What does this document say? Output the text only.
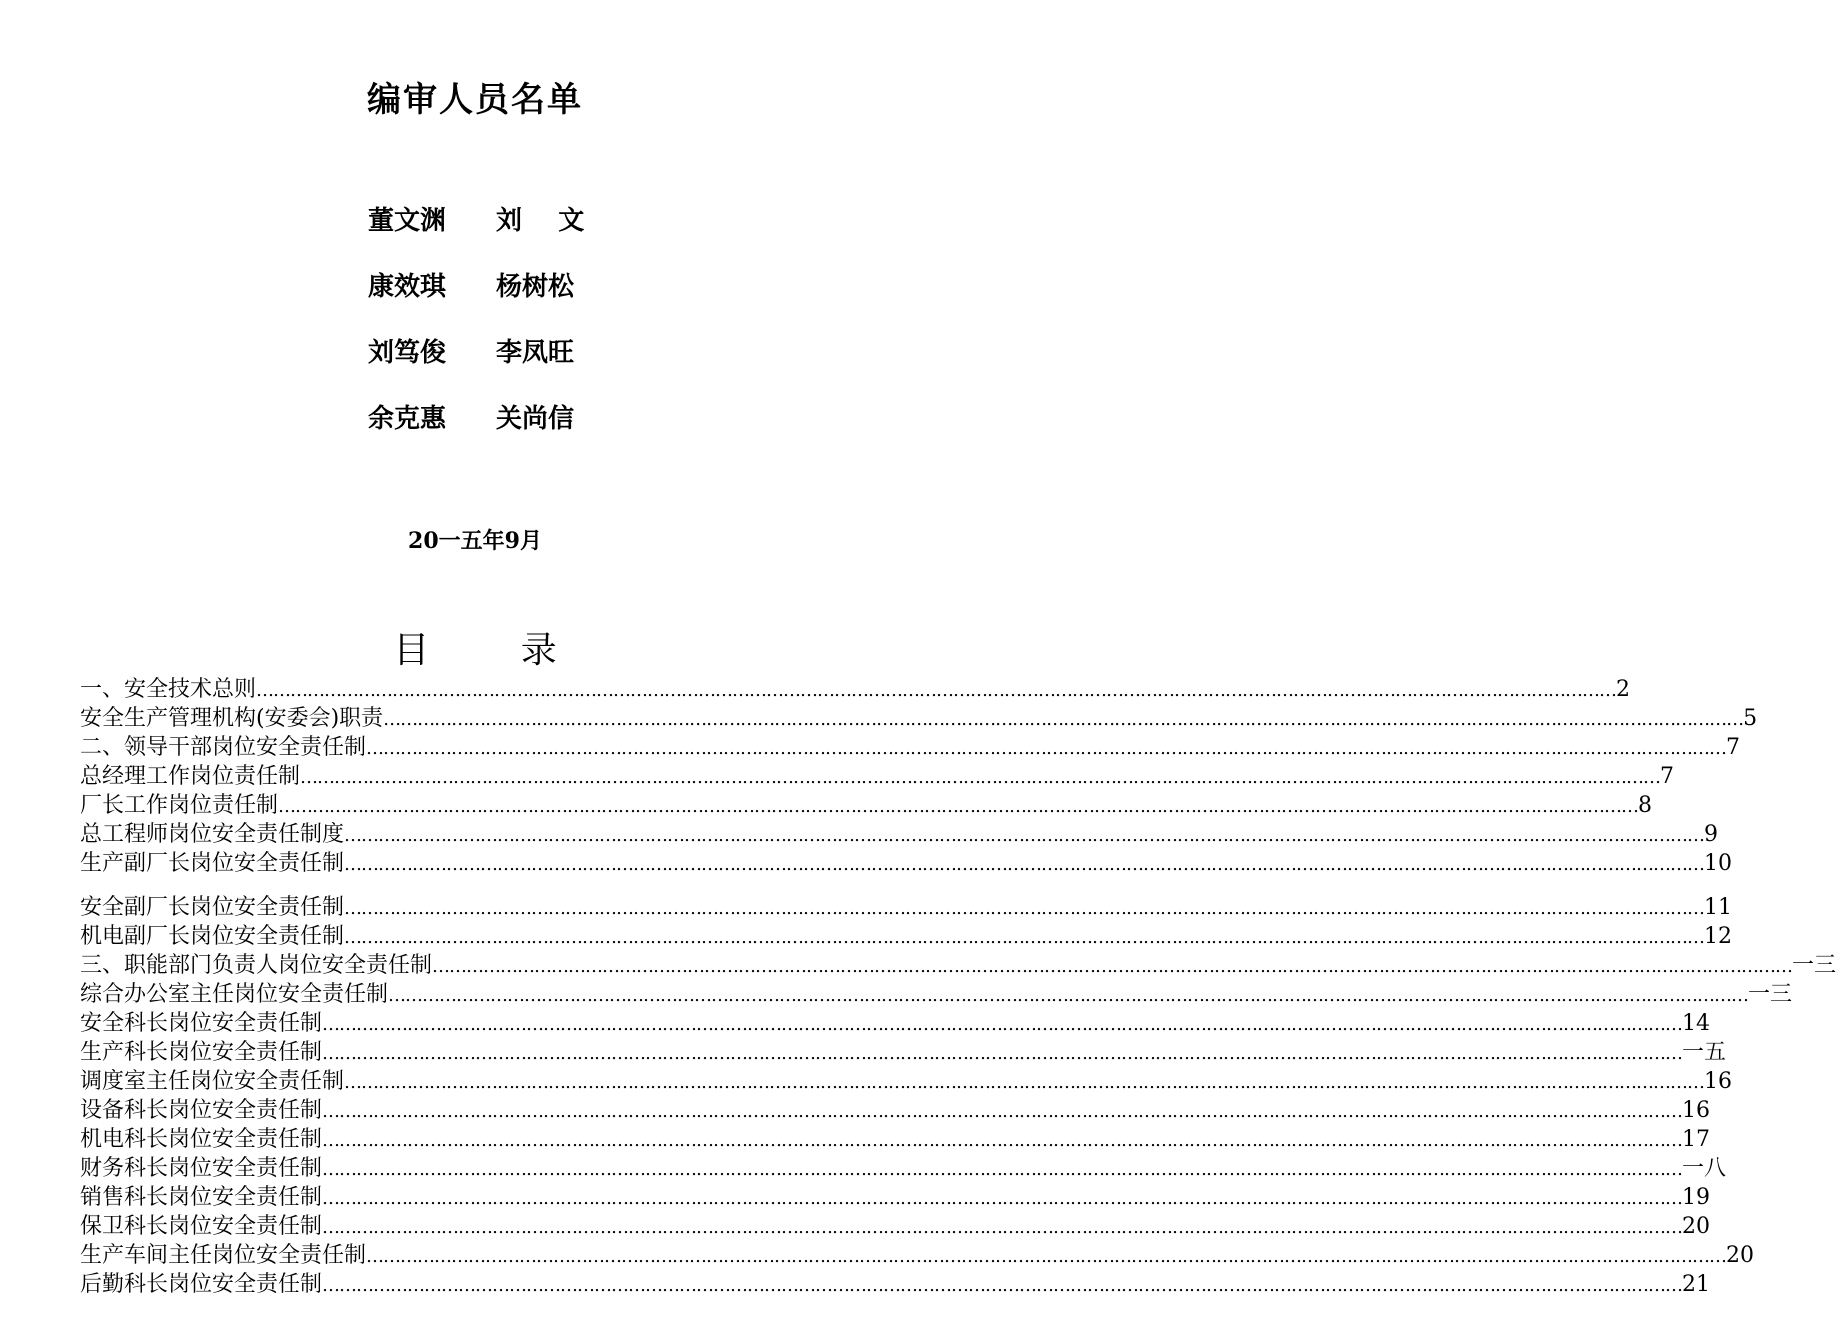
编审人员名单
董文渊	刘    文
康效琪	杨树松
刘笃俊	李凤旺
余克惠	关尚信
20一五年9月
目        录
一、安全技术总则 …………………………………………………………………………………………………………………………………………………………………………………………………………………… 2
安全生产管理机构(安委会)职责 …………………………………………………………………………………………………………………………………………………………………………………………………………………… 5
二、领导干部岗位安全责任制 …………………………………………………………………………………………………………………………………………………………………………………………………………………… 7
总经理工作岗位责任制 …………………………………………………………………………………………………………………………………………………………………………………………………………………… 7
厂长工作岗位责任制 …………………………………………………………………………………………………………………………………………………………………………………………………………………… 8
总工程师岗位安全责任制度 …………………………………………………………………………………………………………………………………………………………………………………………………………………… 9
生产副厂长岗位安全责任制 …………………………………………………………………………………………………………………………………………………………………………………………………………………… 10
安全副厂长岗位安全责任制 …………………………………………………………………………………………………………………………………………………………………………………………………………………… 11
机电副厂长岗位安全责任制 …………………………………………………………………………………………………………………………………………………………………………………………………………………… 12
三、职能部门负责人岗位安全责任制 …………………………………………………………………………………………………………………………………………………………………………………………………………………… 一三
综合办公室主任岗位安全责任制 …………………………………………………………………………………………………………………………………………………………………………………………………………………… 一三
安全科长岗位安全责任制 …………………………………………………………………………………………………………………………………………………………………………………………………………………… 14
生产科长岗位安全责任制 …………………………………………………………………………………………………………………………………………………………………………………………………………………… 一五
调度室主任岗位安全责任制 …………………………………………………………………………………………………………………………………………………………………………………………………………………… 16
设备科长岗位安全责任制 …………………………………………………………………………………………………………………………………………………………………………………………………………………… 16
机电科长岗位安全责任制 …………………………………………………………………………………………………………………………………………………………………………………………………………………… 17
财务科长岗位安全责任制 …………………………………………………………………………………………………………………………………………………………………………………………………………………… 一八
销售科长岗位安全责任制 …………………………………………………………………………………………………………………………………………………………………………………………………………………… 19
保卫科长岗位安全责任制 …………………………………………………………………………………………………………………………………………………………………………………………………………………… 20
生产车间主任岗位安全责任制 …………………………………………………………………………………………………………………………………………………………………………………………………………………… 20
后勤科长岗位安全责任制 …………………………………………………………………………………………………………………………………………………………………………………………………………………… 21
